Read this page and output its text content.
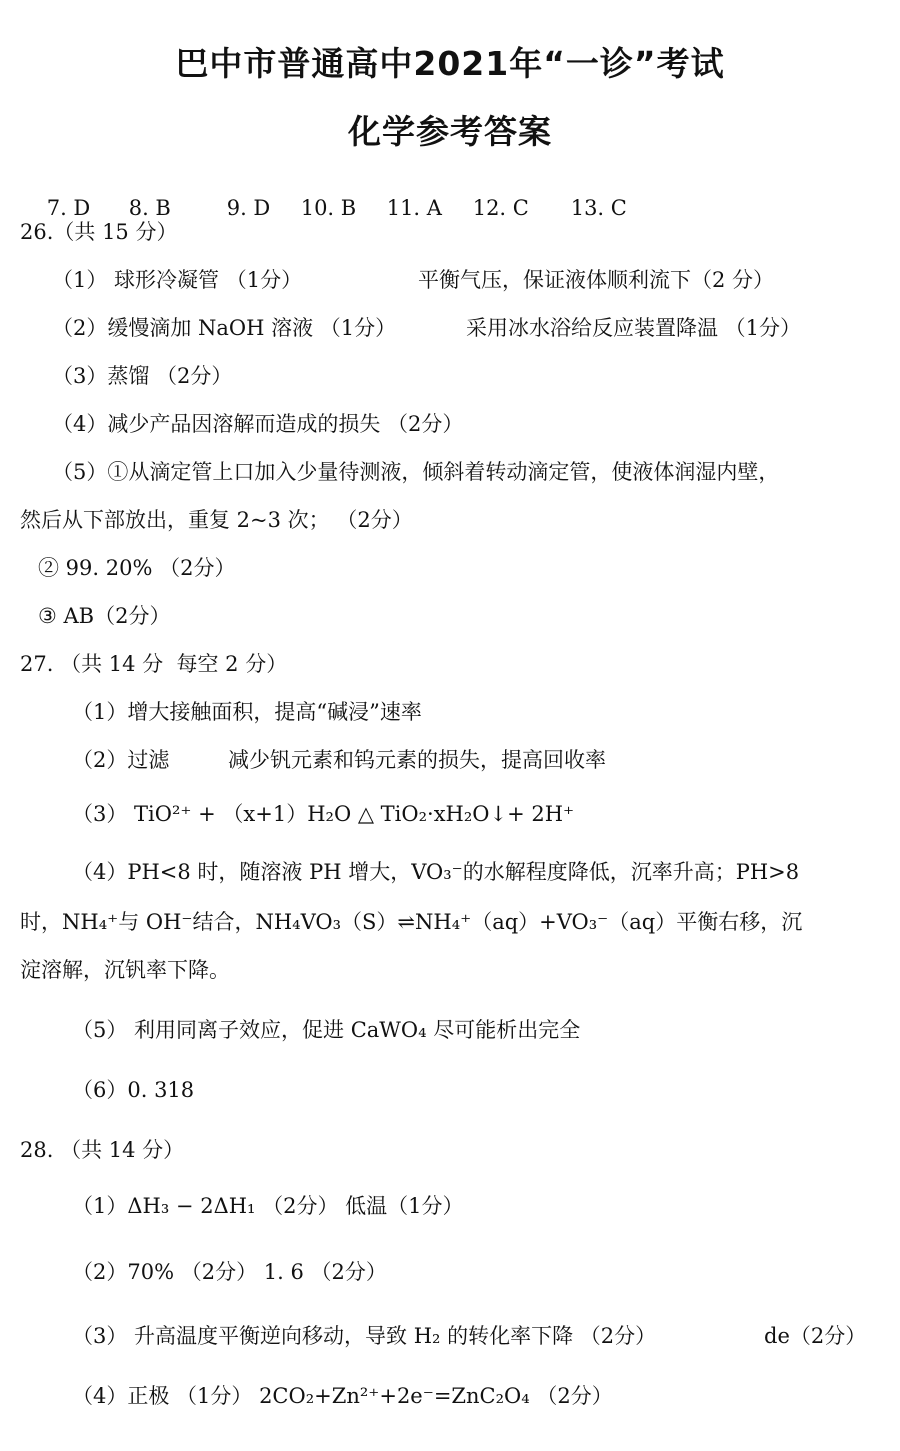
巴中市普通高中2021年“一诊”考试
化学参考答案

7. D 8. B	9. D 10. B 11. A 12. C 13. C

26.（共 15 分）
（1） 球形冷凝管 （1分）	平衡气压，保证液体顺利流下（2 分）
（2）缓慢滴加 NaOH 溶液 （1分）	采用冰水浴给反应装置降温 （1分）
（3）蒸馏 （2分）
（4）减少产品因溶解而造成的损失 （2分）
（5）①从滴定管上口加入少量待测液，倾斜着转动滴定管，使液体润湿内壁，
然后从下部放出，重复 2~3 次； （2分）
② 99. 20% （2分）
③ AB（2分）
27. （共 14 分  每空 2 分）
（1）增大接触面积，提高“碱浸”速率
（2）过滤	减少钒元素和钨元素的损失，提高回收率
（3） TiO²⁺ + （x+1）H₂O △ TiO₂·xH₂O↓+ 2H⁺
（4）PH<8 时，随溶液 PH 增大，VO₃⁻的水解程度降低，沉率升高；PH>8
时，NH₄⁺与 OH⁻结合，NH₄VO₃（S）⇌NH₄⁺（aq）+VO₃⁻（aq）平衡右移，沉
淀溶解，沉钒率下降。
（5） 利用同离子效应，促进 CaWO₄ 尽可能析出完全
（6）0. 318
28. （共 14 分）
（1）ΔH₃ − 2ΔH₁ （2分） 低温（1分）
（2）70% （2分） 1. 6 （2分）
（3） 升高温度平衡逆向移动，导致 H₂ 的转化率下降 （2分）	de（2分）
（4）正极 （1分） 2CO₂+Zn²⁺+2e⁻=ZnC₂O₄ （2分）
